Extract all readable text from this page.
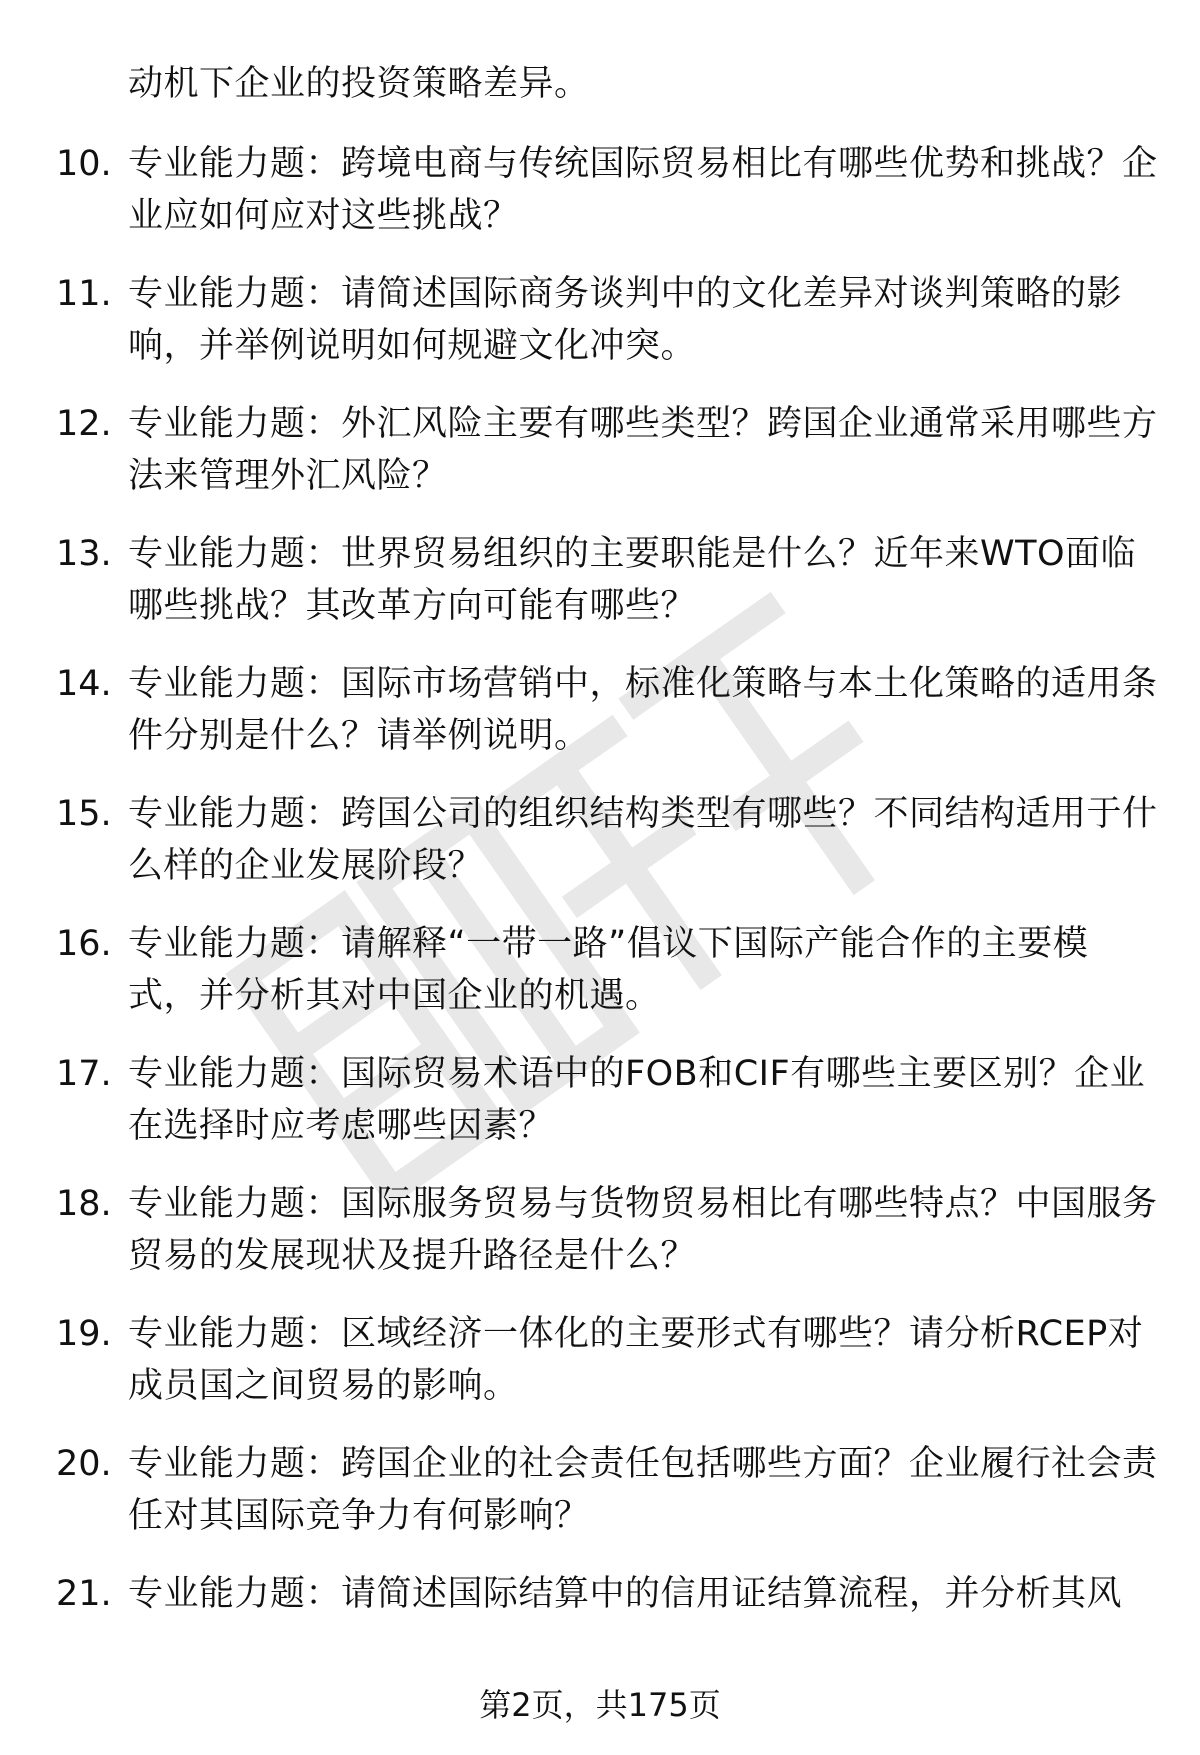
动机下企业的投资策略差异。
10. 专业能力题：跨境电商与传统国际贸易相比有哪些优势和挑战？企业应如何应对这些挑战？

11. 专业能力题：请简述国际商务谈判中的文化差异对谈判策略的影响，并举例说明如何规避文化冲突。

12. 专业能力题：外汇风险主要有哪些类型？跨国企业通常采用哪些方法来管理外汇风险？

13. 专业能力题：世界贸易组织的主要职能是什么？近年来WTO面临哪些挑战？其改革方向可能有哪些？

14. 专业能力题：国际市场营销中，标准化策略与本土化策略的适用条件分别是什么？请举例说明。

15. 专业能力题：跨国公司的组织结构类型有哪些？不同结构适用于什么样的企业发展阶段？

16. 专业能力题：请解释“一带一路”倡议下国际产能合作的主要模式，并分析其对中国企业的机遇。

17. 专业能力题：国际贸易术语中的FOB和CIF有哪些主要区别？企业在选择时应考虑哪些因素？

18. 专业能力题：国际服务贸易与货物贸易相比有哪些特点？中国服务贸易的发展现状及提升路径是什么？

19. 专业能力题：区域经济一体化的主要形式有哪些？请分析RCEP对成员国之间贸易的影响。

20. 专业能力题：跨国企业的社会责任包括哪些方面？企业履行社会责任对其国际竞争力有何影响？

21. 专业能力题：请简述国际结算中的信用证结算流程，并分析其风

第2页，共175页
